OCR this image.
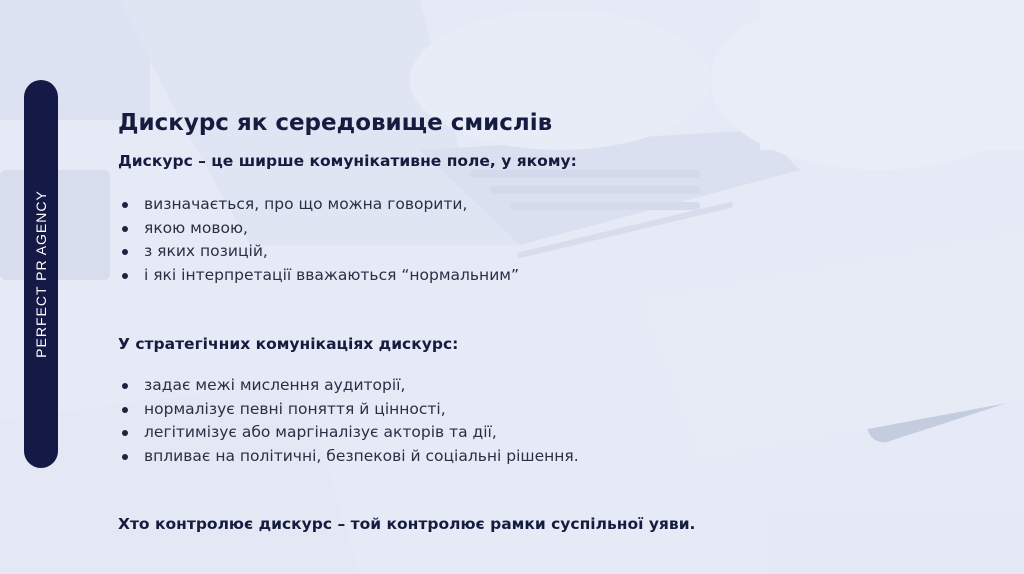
PERFECT PR AGENCY
Дискурс як середовище смислів

Дискурс – це ширше комунікативне поле, у якому:

визначається, про що можна говорити,
якою мовою,
з яких позицій,
і які інтерпретації вважаються “нормальним”
У стратегічних комунікаціях дискурс:
задає межі мислення аудиторії,
нормалізує певні поняття й цінності,
легітимізує або маргіналізує акторів та дії,
впливає на політичні, безпекові й соціальні рішення.
Хто контролює дискурс – той контролює рамки суспільної уяви.
